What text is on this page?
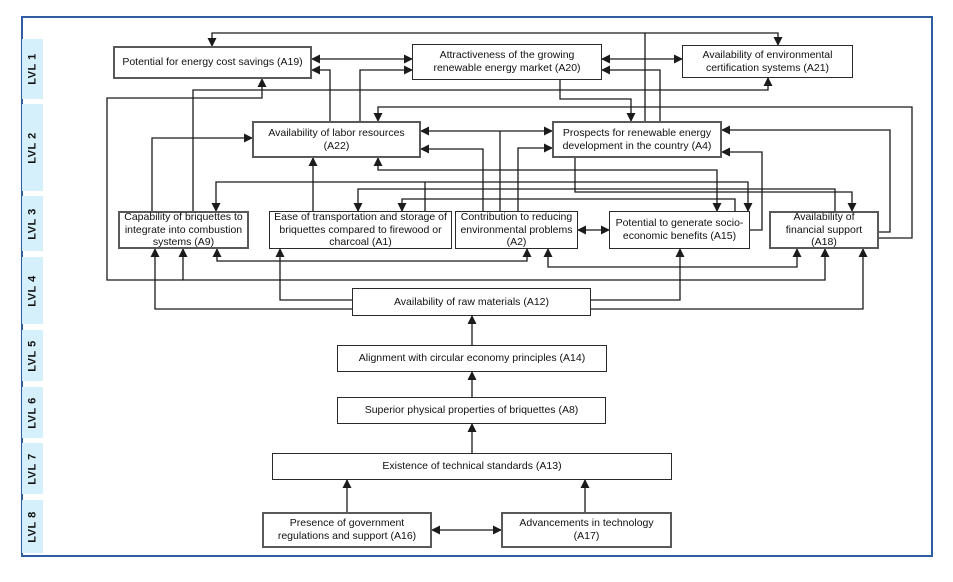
LVL 1
LVL 2
LVL 3
LVL 4
LVL 5
LVL 6
LVL 7
LVL 8
Potential for energy cost savings (A19)
Attractiveness of the growing renewable energy market (A20)
Availability of environmental certification systems (A21)
Availability of labor resources (A22)
Prospects for renewable energy development in the country (A4)
Capability of briquettes to integrate into combustion systems (A9)
Ease of transportation and storage of briquettes compared to firewood or charcoal (A1)
Contribution to reducing environmental problems (A2)
Potential to generate socio-economic benefits (A15)
Availability of financial support (A18)
Availability of raw materials (A12)
Alignment with circular economy principles (A14)
Superior physical properties of briquettes (A8)
Existence of technical standards (A13)
Presence of government regulations and support (A16)
Advancements in technology (A17)
